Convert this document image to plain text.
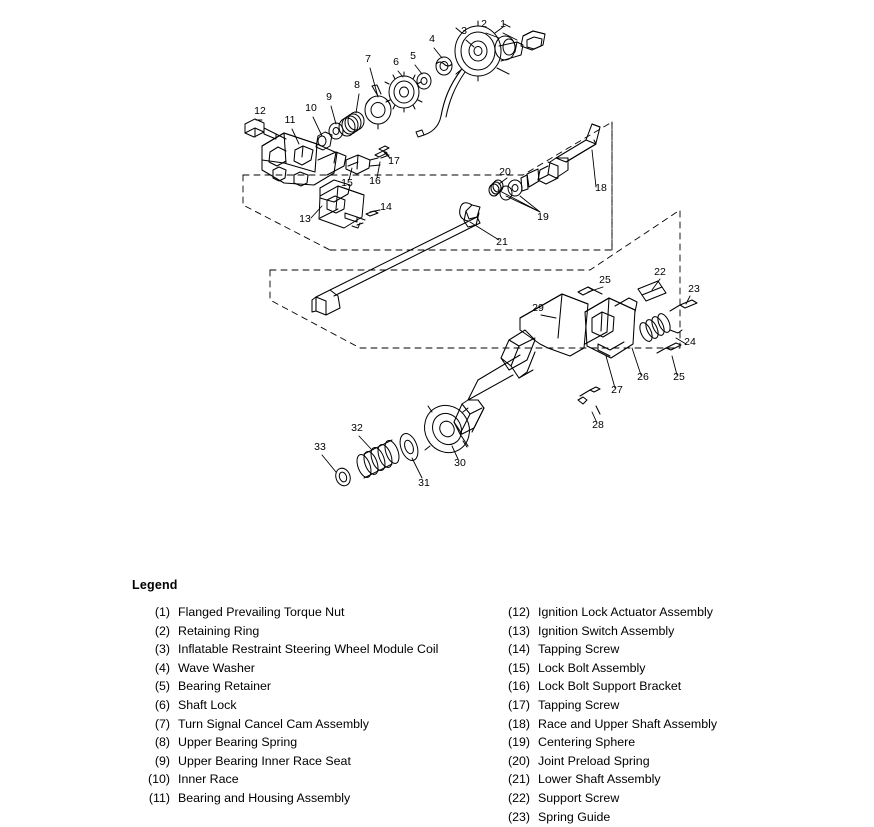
1
2
3
4
5
6
7
8
9
10
11
12
13
14
15 16
17
18
19
20
21
22
23
24
25
25
26
27
28
29
30
31
32
33
Legend
(1) Flanged Prevailing Torque Nut
(2) Retaining Ring
(3) Inflatable Restraint Steering Wheel Module Coil
(4) Wave Washer
(5) Bearing Retainer
(6) Shaft Lock
(7) Turn Signal Cancel Cam Assembly
(8) Upper Bearing Spring
(9) Upper Bearing Inner Race Seat
(10) Inner Race
(11) Bearing and Housing Assembly
(12) Ignition Lock Actuator Assembly
(13) Ignition Switch Assembly
(14) Tapping Screw
(15) Lock Bolt Assembly
(16) Lock Bolt Support Bracket
(17) Tapping Screw
(18) Race and Upper Shaft Assembly
(19) Centering Sphere
(20) Joint Preload Spring
(21) Lower Shaft Assembly
(22) Support Screw
(23) Spring Guide
